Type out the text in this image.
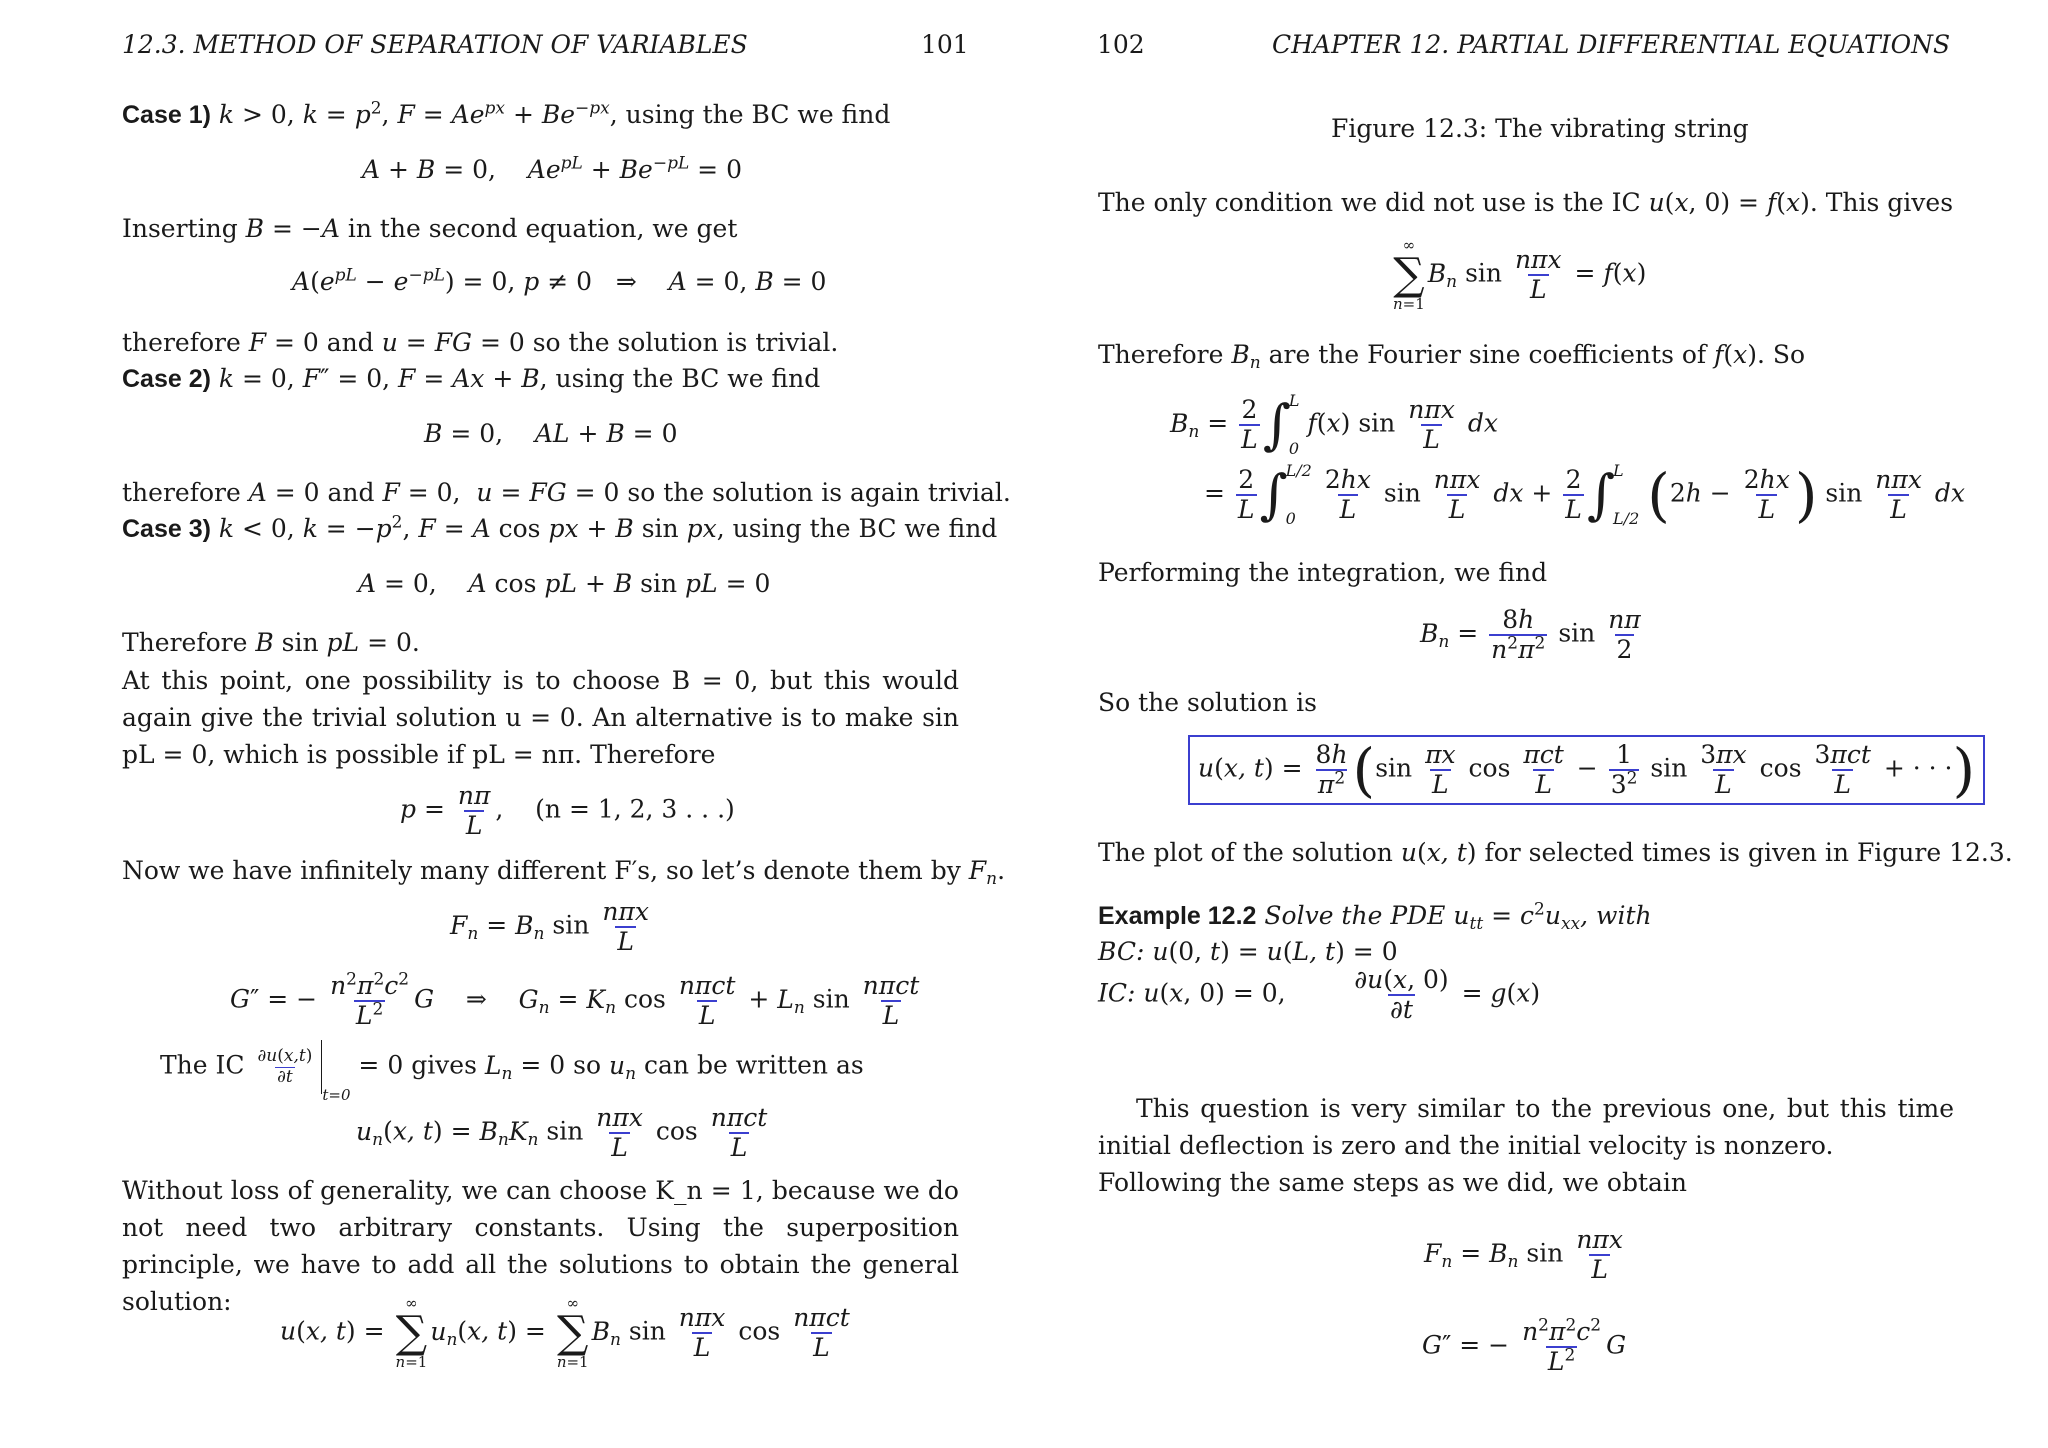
12.3. METHOD OF SEPARATION OF VARIABLES	101
Case 1) k > 0, $k = p^2$, $F = Ae^{px} + Be^{-px}$, using the BC we find
A + B = 0,    $Ae^{pL} + Be^{-pL} = 0$
Inserting B = −A in the second equation, we get
$A(e^{pL} - e^{-pL}) = 0$, p ≠ 0   ⇒    A = 0, B = 0
therefore F = 0 and u = FG = 0 so the solution is trivial.
Case 2) k = 0, F″ = 0, F = Ax + B, using the BC we find
B = 0,    AL + B = 0
therefore A = 0 and F = 0,  u = FG = 0 so the solution is again trivial.
Case 3) k < 0, $k = -p^2$, F = A cos px + B sin px, using the BC we find
A = 0,    A cos pL + B sin pL = 0
Therefore B sin pL = 0.
At this point, one possibility is to choose B = 0, but this would again give the trivial solution u = 0. An alternative is to make sin pL = 0, which is possible if pL = nπ. Therefore
$p = \frac{n\pi}{L}$ ,    (n = 1, 2, 3 . . .)
Now we have infinitely many different F′s, so let’s denote them by $F_n$.
$F_n = B_n$ $\sin \frac{\text{nπx}}{L}$
G″ = − $\frac{n^2\pi^2c^2}{L^2}$ G    ⇒    $G_n = K_n$ $\cos \frac{\text{nπct}}{L} + L_n$ $\sin \frac{\text{nπct}}{L}$
The IC $\frac{\partial u(x,t)}{\partial t}$
t=0 = 0 gives $L_n = 0$ so $u_n$ can be written as
$u_n(x$, $t) = B_nK_n$ $\sin \frac{\text{nπx}}{L}$ $\cos \frac{\text{nπct}}{L}$
Without loss of generality, we can choose K_n = 1, because we do not need two arbitrary constants. Using the superposition principle, we have to add all the solutions to obtain the general solution:
u(x, t) =
∞
∑
n=1
$u_n(x$, t) =
∞
∑
n=1
$B_n$ $\sin \frac{\text{nπx}}{L}$ $\cos \frac{\text{nπct}}{L}$
102	CHAPTER 12. PARTIAL DIFFERENTIAL EQUATIONS
Figure 12.3: The vibrating string
The only condition we did not use is the IC u(x, 0) = f(x). This gives
∞
∑
n=1
$B_n$ $\sin \frac{\text{nπx}}{L} = f(x)$
Therefore $B_n$ are the Fourier sine coefficients of f(x). So
$B_n = \frac{2}{L}$ ∫
L
0
f(x) $\sin \frac{\text{nπx}}{L}$ dx
= $\frac{2}{L}$ ∫
L/2
0
	$\frac{2hx}{L}$ $\sin \frac{\text{nπx}}{L}$ dx + $\frac{2}{L}$ ∫
L
L/2 ($2h - \frac{2hx}{L}$ ) $\sin \frac{\text{nπx}}{L}$ dx
Performing the integration, we find
$B_n = \frac{8h}{n^2\pi^2}$ $\sin \frac{n\pi}{2}$
So the solution is
u(x, $t) = \frac{8h}{\pi^2} (\sin \frac{\pi x}{L}$ $\cos \frac{\text{πct}}{L} - \frac{1}{3^2}$ $\sin \frac{3\pi x}{L}$ $\cos \frac{\text{3πct}}{L}$ + · · ·)
The plot of the solution u(x, t) for selected times is given in Figure 12.3.
Example 12.2 Solve the PDE $u_{tt} = c^2u_{xx}$, with
BC: u(0, t) = u(L, t) = 0
IC: u(x, 0) = 0, $\frac{\partial u(x, 0)}{\partial t} = g(x)$
This question is very similar to the previous one, but this time initial deflection is zero and the initial velocity is nonzero.
Following the same steps as we did, we obtain
$F_n = B_n$ $\sin \frac{\text{nπx}}{L}$
G″ = − $\frac{n^2\pi^2c^2}{L^2}$ G
